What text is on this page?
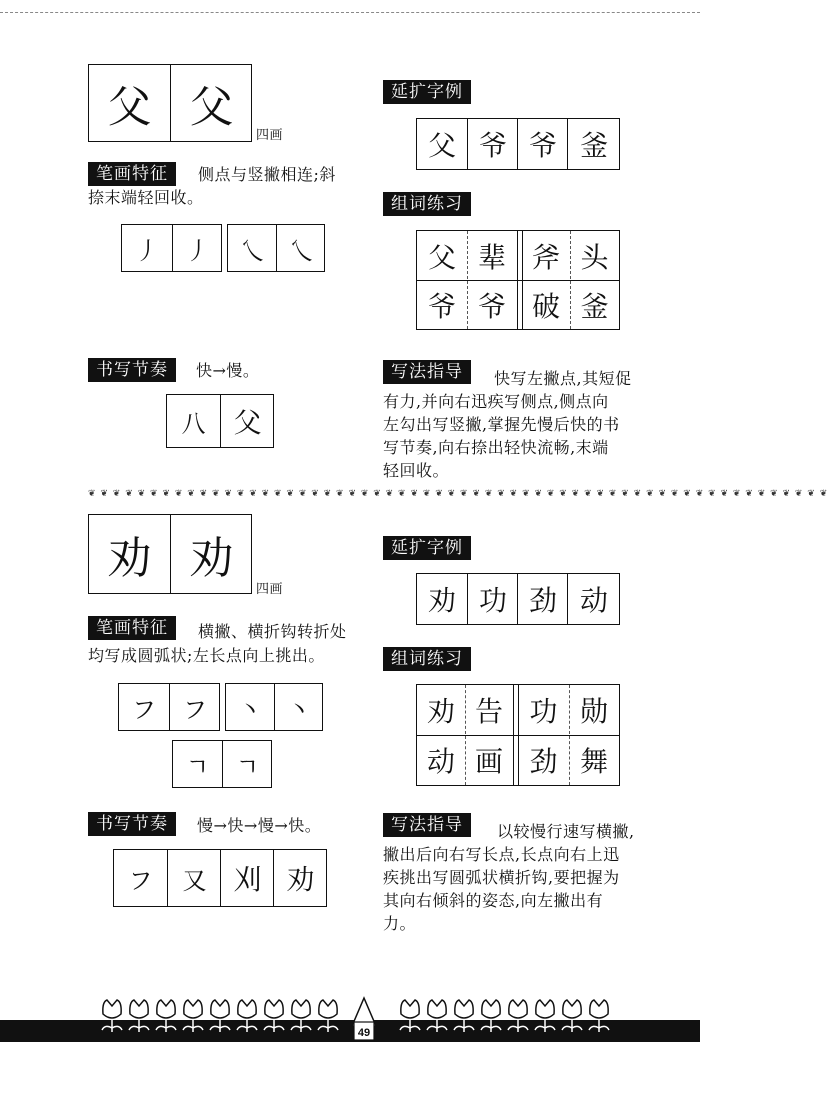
父 父
四画
笔画特征	侧点与竖撇相连;斜
捺末端轻回收。
丿	丿	乀	乀
书写节奏	快→慢。
八 父
延扩字例
父 爷 爷 釜
组词练习
父 辈 斧 头
爷 爷 破 釜
写法指导	快写左撇点,其短促
有力,并向右迅疾写侧点,侧点向
左勾出写竖撇,掌握先慢后快的书
写节奏,向右捺出轻快流畅,末端
轻回收。
❦ ❦ ❦ ❦ ❦ ❦ ❦ ❦ ❦ ❦ ❦ ❦ ❦ ❦ ❦ ❦ ❦ ❦ ❦ ❦ ❦ ❦ ❦ ❦ ❦ ❦ ❦ ❦ ❦ ❦ ❦ ❦ ❦ ❦ ❦ ❦ ❦ ❦ ❦ ❦ ❦ ❦ ❦ ❦ ❦ ❦ ❦ ❦ ❦ ❦ ❦ ❦ ❦ ❦ ❦ ❦ ❦ ❦ ❦ ❦
劝 劝
四画
笔画特征	横撇、横折钩转折处
均写成圆弧状;左长点向上挑出。
フ	フ	丶	丶
ㄱ	ㄱ
书写节奏	慢→快→慢→快。
フ	又 刈 劝
延扩字例
劝 功 劲 动
组词练习
劝 告 功 勋
动 画 劲 舞
写法指导	以较慢行速写横撇,
撇出后向右写长点,长点向右上迅
疾挑出写圆弧状横折钩,要把握为
其向右倾斜的姿态,向左撇出有
力。
49
